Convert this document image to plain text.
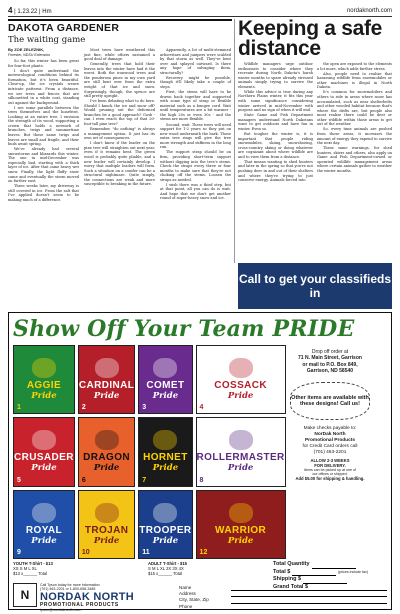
4 | 1.23.22 | Hm	nordaknorth.com
DAKOTA GARDENER
The waiting game
By ZOE ZELEZNIK,
Forester, NDSU Extension

So far, this winter has been great for four-foot plants.

I don't quite understand the meteorological conditions behind its formation, but it's been beautiful. Close-up, the ice crystals weave intricate patterns. From a distance, we see trees and fences that are silhouetted in a white coat, standing out against the background.

I see some parallels between the trees themselves and the hoarfrost. Looking at an entire tree, I envision the strength of its wood, supporting a crown that holds a network of branches, twigs and summertime leaves. But those same twigs and leaves are small and fragile, and their buds await spring.

We've already had several snowstorms and blizzards this winter. The one in mid-December was especially bad, starting with a thick layer of ice. After that came heavy wet snow. Finally, the light fluffy snow came and eventually the storm moved on further east.

Three weeks later, my driveway is still covered in ice. From the salt that I've applied doesn't seem to be making much of a difference.

Most trees have weathered this just fine, while others sustained a good deal of damage.

Generally, trees that hold their leaves into the winter have had it the worst. Both the ironwood trees and the ponderosa pines in my own yard are still bent over from the extra weight of that ice and snow. Surprisingly, though, the spruce are still pretty upright.

I've been debating what to do here. Should I knock the ice and snow off? Would pruning out the deformed branches be a good approach? Gosh - can I even reach the top of that 20-foot-tall pine tree?

Remember, "do nothing" is always a management option. It just has its own set of consequences.

I don't know if the leader on the pine tree will straighten out next year, even if it remains bent. The green wood is probably quite pliable, and a new leader will certainly develop. I worry that multiple leaders will form. Such a situation on a conifer can be a structural nightmare. Quite simply, the connections are weak and more susceptible to breaking in the future.

Apparently, a lot of multi-stemmed arborvitaes and junipers were scalded by that storm as well. They've bent over and splayed outward. Is there any hope of salvaging them, structurally?

Recovery might be possible, though it'll likely take a couple of steps.

First, the stems will have to be drawn back together and supported with some type of strap or flexible material such as a bungee cord. Wait until temperatures are a bit warmer - the high 20s or even 30s - and the stems are more flexible.

Second, wait. These trees will need support for 1-2 years so they put on new wood underneath the bark. Those extra tree rings will give the tree more strength and stiffness in the long run.

The support strap should be on firm, providing short-term support without digging into the tree's stems. Check the straps every three or four months to make sure that they're not choking off the stems. Loosen the straps as needed.

I wish there was a third step, but at that point, all you can do is wait. And hope that we don't get another round of super-heavy snow and ice.

Keeping a safe distance

Wildlife managers urge outdoor enthusiasts to consider where they recreate during North Dakota's harsh winter months to spare already stressed animals simply trying to survive the elements.

While this advice is true during any Northern Plains winter, it fits this year with some significance considering winter arrived in mid-November with purpose and no sign of when it will end.

State Game and Fish Department managers understand North Dakotans want to get outdoors and have fun in winter. Even so.

But tougher the winter is, it is important that people riding snowmobiles, skiing, snowshoeing, cross-country skiing or doing whatever are cognizant about where wildlife are and to view them from a distance.

That means wanting to shed hunters and later in the spring so that you're not pushing deer in and out of their shelters and where they're trying to just conserve energy. Animals forced into

the open are exposed to the elements a lot more, which adds further stress.

Also, people need to realize that harassing wildlife from snowmobiles or other machines is illegal in North Dakota.

It's common for snowmobilers and others to ride in areas where snow has accumulated, such as near shelterbelts and other wooded habitat because that's where the drifts are, but people also must realize there could be deer or other wildlife within those areas to get out of the weather.

So, every time animals are pushed from those areas, it increases the amount of energy they expend to survive the next day.

These same warnings, for shed hunters, skiers and others, also apply on Game and Fish Department-owned or operated wildlife management areas where certain animals gather to weather the winter months.

Call to get your classifieds in
Show Off Your Team PRIDE
AGGIE
Pride
1
CARDINAL
Pride
2
COMET
Pride
3
COSSACK
Pride
4
CRUSADER
Pride
5
DRAGON
Pride
6
HORNET
Pride
7
ROLLERMASTER
Pride
8
ROYAL
Pride
9
TROJAN
Pride
10
TROOPER
Pride
11
WARRIOR
Pride
12
Drop off order at
71 N. Main Street, Garrison
or mail to P.O. Box 849,
Garrison, ND 58540
Other items are available with these designs! Call us!
Make checks payable to:
NorDak North
Promotional Products
for Credit Card orders call
(701) 463-2201
ALLOW 2-3 WEEKS
FOR DELIVERY.
Items can be picked up at one of
our offices or shipped.
Add $5.00 for shipping & handling.
YOUTH T-Shirt - $13
XS S M L XL
$13 x______ Total
ADULT T-Shirt - $15
S M L XL 2X 3X 4X
$15 x______ Total
Total Quantity
Total $	(prices include tax)
Shipping $
Grand Total $
N
Call Tyson today for more information
(701) 463-2201 or 1-800-658-3485
NORDAK NORTH
PROMOTIONAL PRODUCTS
tyson@nordaknorth.com
Name
Address
City, State, Zip
Phone
